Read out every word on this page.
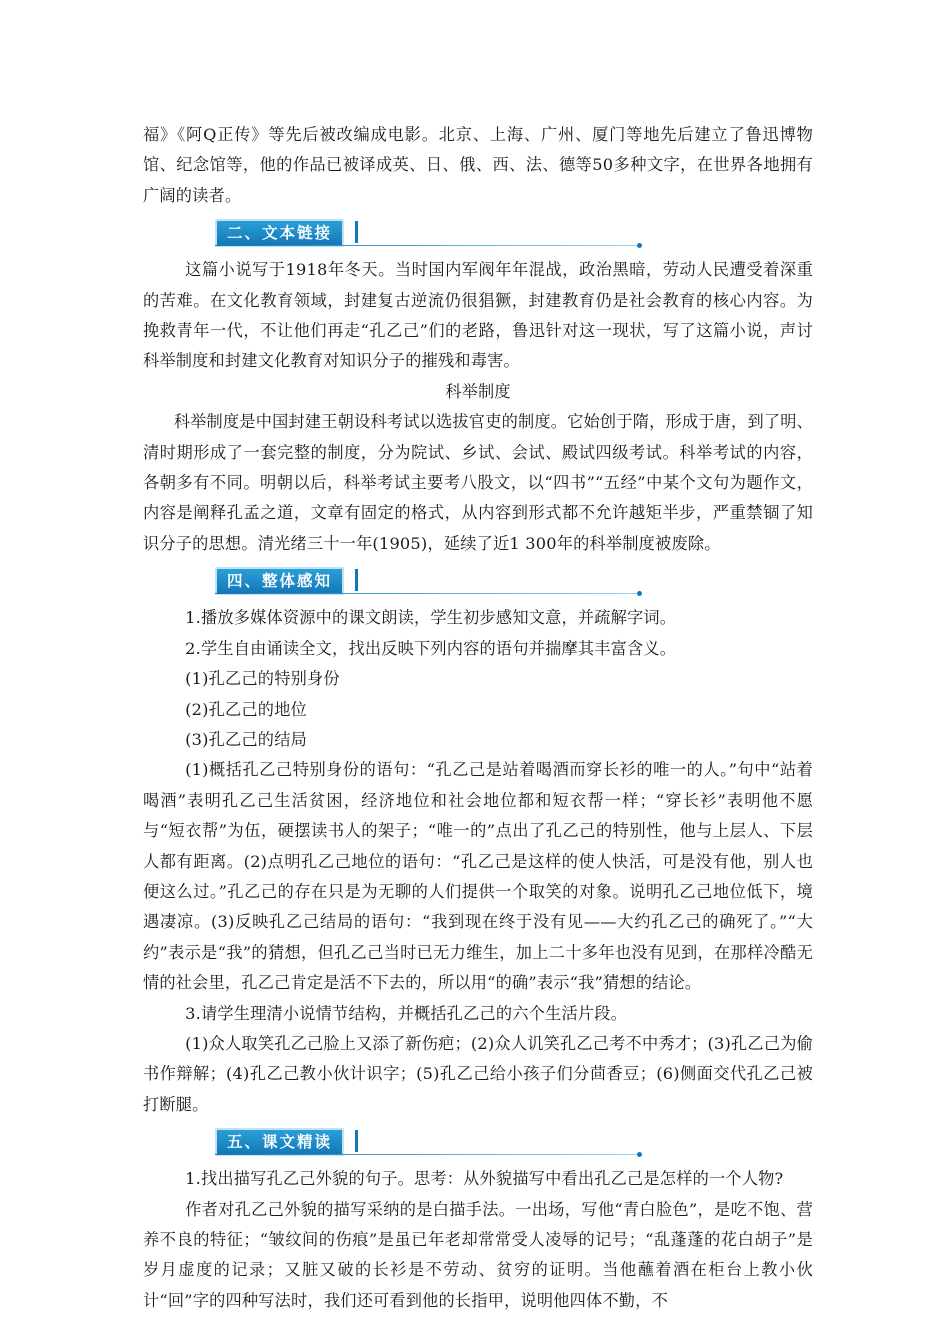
福》《阿Q正传》等先后被改编成电影。北京、上海、广州、厦门等地先后建立了鲁迅博物馆、纪念馆等，他的作品已被译成英、日、俄、西、法、德等50多种文字，在世界各地拥有广阔的读者。

二、文本链接

这篇小说写于1918年冬天。当时国内军阀年年混战，政治黑暗，劳动人民遭受着深重的苦难。在文化教育领域，封建复古逆流仍很猖獗，封建教育仍是社会教育的核心内容。为挽救青年一代，不让他们再走“孔乙己”们的老路，鲁迅针对这一现状，写了这篇小说，声讨科举制度和封建文化教育对知识分子的摧残和毒害。

科举制度

科举制度是中国封建王朝设科考试以选拔官吏的制度。它始创于隋，形成于唐，到了明、清时期形成了一套完整的制度，分为院试、乡试、会试、殿试四级考试。科举考试的内容，各朝多有不同。明朝以后，科举考试主要考八股文，以“四书”“五经”中某个文句为题作文，内容是阐释孔孟之道，文章有固定的格式，从内容到形式都不允许越矩半步，严重禁锢了知识分子的思想。清光绪三十一年(1905)，延续了近1 300年的科举制度被废除。

四、整体感知

1.播放多媒体资源中的课文朗读，学生初步感知文意，并疏解字词。

2.学生自由诵读全文，找出反映下列内容的语句并揣摩其丰富含义。

(1)孔乙己的特别身份

(2)孔乙己的地位

(3)孔乙己的结局

(1)概括孔乙己特别身份的语句：“孔乙己是站着喝酒而穿长衫的唯一的人。”句中“站着喝酒”表明孔乙己生活贫困，经济地位和社会地位都和短衣帮一样；“穿长衫”表明他不愿与“短衣帮”为伍，硬摆读书人的架子；“唯一的”点出了孔乙己的特别性，他与上层人、下层人都有距离。(2)点明孔乙己地位的语句：“孔乙己是这样的使人快活，可是没有他，别人也便这么过。”孔乙己的存在只是为无聊的人们提供一个取笑的对象。说明孔乙己地位低下，境遇凄凉。(3)反映孔乙己结局的语句：“我到现在终于没有见——大约孔乙己的确死了。”“大约”表示是“我”的猜想，但孔乙己当时已无力维生，加上二十多年也没有见到，在那样冷酷无情的社会里，孔乙己肯定是活不下去的，所以用“的确”表示“我”猜想的结论。

3.请学生理清小说情节结构，并概括孔乙己的六个生活片段。

(1)众人取笑孔乙己脸上又添了新伤疤；(2)众人讥笑孔乙己考不中秀才；(3)孔乙己为偷书作辩解；(4)孔乙己教小伙计识字；(5)孔乙己给小孩子们分茴香豆；(6)侧面交代孔乙己被打断腿。

五、课文精读

1.找出描写孔乙己外貌的句子。思考：从外貌描写中看出孔乙己是怎样的一个人物?

作者对孔乙己外貌的描写采纳的是白描手法。一出场，写他“青白脸色”，是吃不饱、营养不良的特征；“皱纹间的伤痕”是虽已年老却常常受人凌辱的记号；“乱蓬蓬的花白胡子”是岁月虚度的记录；又脏又破的长衫是不劳动、贫穷的证明。当他蘸着酒在柜台上教小伙计“回”字的四种写法时，我们还可看到他的长指甲，说明他四体不勤，不
